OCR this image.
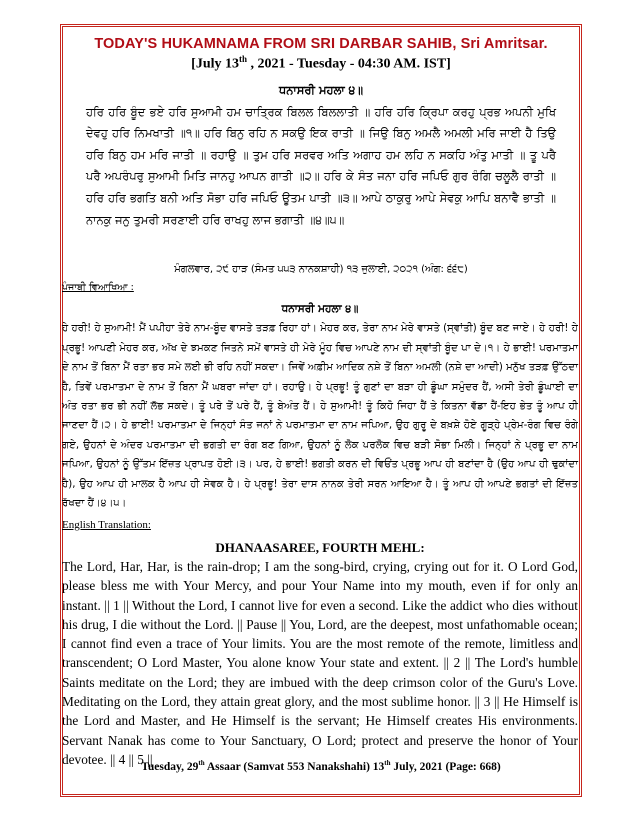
TODAY'S HUKAMNAMA FROM SRI DARBAR SAHIB, Sri Amritsar.
[July 13th , 2021 - Tuesday - 04:30 AM. IST]
ਧਨਾਸਰੀ ਮਹਲਾ ੪॥
ਹਰਿ ਹਰਿ ਬੂੰਦ ਭਏ ਹਰਿ ਸੁਆਮੀ ਹਮ ਚਾਤ੍ਰਿਕ ਬਿਲਲ ਬਿਲਲਾਤੀ ॥ ਹਰਿ ਹਰਿ ਕ੍ਰਿਪਾ ਕਰਹੁ ਪ੍ਰਭ ਅਪਨੀ ਮੁਖਿ ਦੇਵਹੁ ਹਰਿ ਨਿਮਖਾਤੀ ॥੧॥ ਹਰਿ ਬਿਨੁ ਰਹਿ ਨ ਸਕਉ ਇਕ ਰਾਤੀ ॥ ਜਿਉ ਬਿਨੁ ਅਮਲੈ ਅਮਲੀ ਮਰਿ ਜਾਈ ਹੈ ਤਿਉ ਹਰਿ ਬਿਨੁ ਹਮ ਮਰਿ ਜਾਤੀ ॥ ਰਹਾਉ ॥ ਤੁਮ ਹਰਿ ਸਰਵਰ ਅਤਿ ਅਗਾਹ ਹਮ ਲਹਿ ਨ ਸਕਹਿ ਅੰਤੁ ਮਾਤੀ ॥ ਤੂ ਪਰੈ ਪਰੈ ਅਪਰੰਪਰੁ ਸੁਆਮੀ ਮਿਤਿ ਜਾਨਹੁ ਆਪਨ ਗਾਤੀ ॥੨॥ ਹਰਿ ਕੇ ਸੰਤ ਜਨਾ ਹਰਿ ਜਪਿਓ ਗੁਰ ਰੰਗਿ ਚਲੂਲੈ ਰਾਤੀ ॥ ਹਰਿ ਹਰਿ ਭਗਤਿ ਬਨੀ ਅਤਿ ਸੋਭਾ ਹਰਿ ਜਪਿਓ ਊਤਮ ਪਾਤੀ ॥੩॥ ਆਪੇ ਠਾਕੁਰੁ ਆਪੇ ਸੇਵਕੁ ਆਪਿ ਬਨਾਵੈ ਭਾਤੀ ॥ ਨਾਨਕੁ ਜਨੁ ਤੁਮਰੀ ਸਰਣਾਈ ਹਰਿ ਰਾਖਹੁ ਲਾਜ ਭਗਾਤੀ ॥੪॥੫॥
ਮੰਗਲਵਾਰ, ੨੯ ਹਾੜ (ਸੰਮਤ ੫੫੩ ਨਾਨਕਸ਼ਾਹੀ) ੧੩ ਜੁਲਾਈ, ੨੦੨੧ (ਅੰਗ: ੬੬੮)
ਪੰਜਾਬੀ ਵਿਆਖਿਆ :
ਧਨਾਸਰੀ ਮਹਲਾ ੪॥
ਹੇ ਹਰੀ! ਹੇ ਸੁਆਮੀ! ਮੈਂ ਪਪੀਹਾ ਤੇਰੇ ਨਾਮ-ਬੂੰਦ ਵਾਸਤੇ ਤੜਫ਼ ਰਿਹਾ ਹਾਂ। ਮੇਹਰ ਕਰ, ਤੇਰਾ ਨਾਮ ਮੇਰੇ ਵਾਸਤੇ (ਸ੍ਵਾਂਤੀ) ਬੂੰਦ ਬਣ ਜਾਏ। ਹੇ ਹਰੀ! ਹੇ ਪ੍ਰਭੂ! ਆਪਣੀ ਮੇਹਰ ਕਰ, ਅੱਖ ਦੇ ਝਮਕਣ ਜਿਤਨੇ ਸਮੇਂ ਵਾਸਤੇ ਹੀ ਮੇਰੇ ਮੂੰਹ ਵਿਚ ਆਪਣੇ ਨਾਮ ਦੀ ਸ੍ਵਾਂਤੀ ਬੂੰਦ ਪਾ ਦੇ।੧। ਹੇ ਭਾਈ! ਪਰਮਾਤਮਾ ਦੇ ਨਾਮ ਤੋਂ ਬਿਨਾ ਮੈਂ ਰਤਾ ਭਰ ਸਮੇ ਲਈ ਭੀ ਰਹਿ ਨਹੀਂ ਸਕਦਾ। ਜਿਵੇਂ ਅਫ਼ੀਮ ਆਦਿਕ ਨਸ਼ੇ ਤੋਂ ਬਿਨਾ ਅਮਲੀ (ਨਸ਼ੇ ਦਾ ਆਦੀ) ਮਨੁੱਖ ਤੜਫ਼ ਉੱਠਦਾ ਹੈ, ਤਿਵੇਂ ਪਰਮਾਤਮਾ ਦੇ ਨਾਮ ਤੋਂ ਬਿਨਾ ਮੈਂ ਘਬਰਾ ਜਾਂਦਾ ਹਾਂ। ਰਹਾਉ। ਹੇ ਪ੍ਰਭੂ! ਤੂੰ ਗੁਣਾਂ ਦਾ ਬੜਾ ਹੀ ਡੂੰਘਾ ਸਮੁੰਦਰ ਹੈਂ, ਅਸੀ ਤੇਰੀ ਡੂੰਘਾਈ ਦਾ ਅੰਤ ਰਤਾ ਭਰ ਭੀ ਨਹੀਂ ਲੱਭ ਸਕਦੇ। ਤੂੰ ਪਰੇ ਤੋਂ ਪਰੇ ਹੈਂ, ਤੂੰ ਬੇਅੰਤ ਹੈਂ। ਹੇ ਸੁਆਮੀ! ਤੂੰ ਕਿਹੋ ਜਿਹਾ ਹੈਂ ਤੇ ਕਿਤਨਾ ਵੱਡਾ ਹੈਂ-ਇਹ ਭੇਤ ਤੂੰ ਆਪ ਹੀ ਜਾਣਦਾ ਹੈਂ।੨। ਹੇ ਭਾਈ! ਪਰਮਾਤਮਾ ਦੇ ਜਿਨ੍ਹਾਂ ਸੰਤ ਜਨਾਂ ਨੇ ਪਰਮਾਤਮਾ ਦਾ ਨਾਮ ਜਪਿਆ, ਉਹ ਗੁਰੂ ਦੇ ਬਖ਼ਸ਼ੇ ਹੋਏ ਗੂੜ੍ਹੇ ਪ੍ਰੇਮ-ਰੰਗ ਵਿਚ ਰੰਗੇ ਗਏ, ਉਹਨਾਂ ਦੇ ਅੰਦਰ ਪਰਮਾਤਮਾ ਦੀ ਭਗਤੀ ਦਾ ਰੰਗ ਬਣ ਗਿਆ, ਉਹਨਾਂ ਨੂੰ ਲੋਕ ਪਰਲੋਕ ਵਿਚ ਬੜੀ ਸੋਭਾ ਮਿਲੀ। ਜਿਨ੍ਹਾਂ ਨੇ ਪ੍ਰਭੂ ਦਾ ਨਾਮ ਜਪਿਆ, ਉਹਨਾਂ ਨੂੰ ਉੱਤਮ ਇੱਜ਼ਤ ਪ੍ਰਾਪਤ ਹੋਈ।੩। ਪਰ, ਹੇ ਭਾਈ! ਭਗਤੀ ਕਰਨ ਦੀ ਵਿਓਂਤ ਪ੍ਰਭੂ ਆਪ ਹੀ ਬਣਾਂਦਾ ਹੈ (ਉਹ ਆਪ ਹੀ ਢੁਕਾਂਦਾ ਹੈ), ਉਹ ਆਪ ਹੀ ਮਾਲਕ ਹੈ ਆਪ ਹੀ ਸੇਵਕ ਹੈ। ਹੇ ਪ੍ਰਭੂ! ਤੇਰਾ ਦਾਸ ਨਾਨਕ ਤੇਰੀ ਸਰਨ ਆਇਆ ਹੈ। ਤੂੰ ਆਪ ਹੀ ਆਪਣੇ ਭਗਤਾਂ ਦੀ ਇੱਜ਼ਤ ਰੱਖਦਾ ਹੈਂ।੪।੫।
English Translation:
DHANAASAREE, FOURTH MEHL:
The Lord, Har, Har, is the rain-drop; I am the song-bird, crying, crying out for it. O Lord God, please bless me with Your Mercy, and pour Your Name into my mouth, even if for only an instant. || 1 || Without the Lord, I cannot live for even a second. Like the addict who dies without his drug, I die without the Lord. || Pause || You, Lord, are the deepest, most unfathomable ocean; I cannot find even a trace of Your limits. You are the most remote of the remote, limitless and transcendent; O Lord Master, You alone know Your state and extent. || 2 || The Lord's humble Saints meditate on the Lord; they are imbued with the deep crimson color of the Guru's Love. Meditating on the Lord, they attain great glory, and the most sublime honor. || 3 || He Himself is the Lord and Master, and He Himself is the servant; He Himself creates His environments. Servant Nanak has come to Your Sanctuary, O Lord; protect and preserve the honor of Your devotee. || 4 || 5 ||
Tuesday, 29th Assaar (Samvat 553 Nanakshahi) 13th July, 2021 (Page: 668)
